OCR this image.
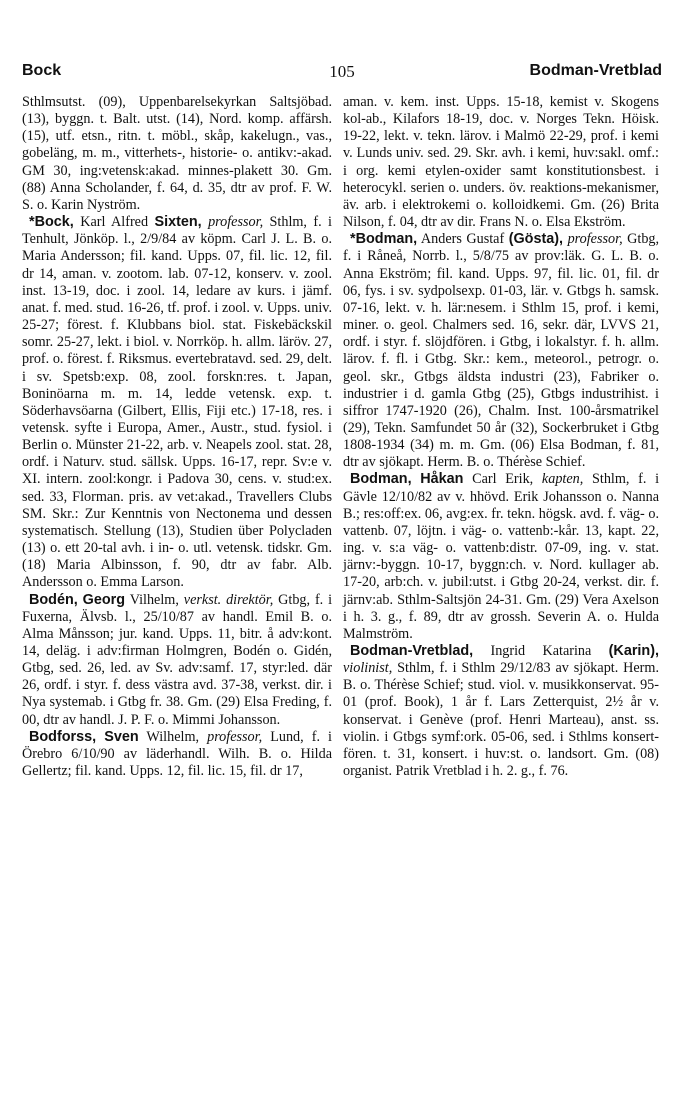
Bock	105	Bodman-Vretblad

Sthlmsutst. (09), Uppenbarelsekyrkan Saltsjöbad. (13), byggn. t. Balt. utst. (14), Nord. komp. affärsh. (15), utf. etsn., ritn. t. möbl., skåp, kakelugn., vas., gobeläng, m. m., vitterhets-, historie- o. antikv:-akad. GM 30, ing:vetensk:akad. minnes-plakett 30. Gm. (88) Anna Scholander, f. 64, d. 35, dtr av prof. F. W. S. o. Karin Nyström.

*Bock, Karl Alfred Sixten, professor, Sthlm, f. i Tenhult, Jönköp. l., 2/9/84 av köpm. Carl J. L. B. o. Maria Andersson; fil. kand. Upps. 07, fil. lic. 12, fil. dr 14, aman. v. zootom. lab. 07-12, konserv. v. zool. inst. 13-19, doc. i zool. 14, ledare av kurs. i jämf. anat. f. med. stud. 16-26, tf. prof. i zool. v. Upps. univ. 25-27; förest. f. Klubbans biol. stat. Fiskebäckskil somr. 25-27, lekt. i biol. v. Norrköp. h. allm. läröv. 27, prof. o. förest. f. Riksmus. evertebratavd. sed. 29, delt. i sv. Spetsb:exp. 08, zool. forskn:res. t. Japan, Boninöarna m. m. 14, ledde vetensk. exp. t. Söderhavsöarna (Gilbert, Ellis, Fiji etc.) 17-18, res. i vetensk. syfte i Europa, Amer., Austr., stud. fysiol. i Berlin o. Münster 21-22, arb. v. Neapels zool. stat. 28, ordf. i Naturv. stud. sällsk. Upps. 16-17, repr. Sv:e v. XI. intern. zool:kongr. i Padova 30, cens. v. stud:ex. sed. 33, Florman. pris. av vet:akad., Travellers Clubs SM. Skr.: Zur Kenntnis von Nectonema und dessen systematisch. Stellung (13), Studien über Polycladen (13) o. ett 20-tal avh. i in- o. utl. vetensk. tidskr. Gm. (18) Maria Albinsson, f. 90, dtr av fabr. Alb. Andersson o. Emma Larson.

Bodén, Georg Vilhelm, verkst. direktör, Gtbg, f. i Fuxerna, Älvsb. l., 25/10/87 av handl. Emil B. o. Alma Månsson; jur. kand. Upps. 11, bitr. å adv:kont. 14, deläg. i adv:firman Holmgren, Bodén o. Gidén, Gtbg, sed. 26, led. av Sv. adv:samf. 17, styr:led. där 26, ordf. i styr. f. dess västra avd. 37-38, verkst. dir. i Nya systemab. i Gtbg fr. 38. Gm. (29) Elsa Freding, f. 00, dtr av handl. J. P. F. o. Mimmi Johansson.

Bodforss, Sven Wilhelm, professor, Lund, f. i Örebro 6/10/90 av läderhandl. Wilh. B. o. Hilda Gellertz; fil. kand. Upps. 12, fil. lic. 15, fil. dr 17,

aman. v. kem. inst. Upps. 15-18, kemist v. Skogens kol-ab., Kilafors 18-19, doc. v. Norges Tekn. Höisk. 19-22, lekt. v. tekn. lärov. i Malmö 22-29, prof. i kemi v. Lunds univ. sed. 29. Skr. avh. i kemi, huv:sakl. omf.: i org. kemi etylen-oxider samt konstitutionsbest. i heterocykl. serien o. unders. öv. reaktions-mekanismer, äv. arb. i elektrokemi o. kolloidkemi. Gm. (26) Brita Nilson, f. 04, dtr av dir. Frans N. o. Elsa Ekström.

*Bodman, Anders Gustaf (Gösta), professor, Gtbg, f. i Råneå, Norrb. l., 5/8/75 av prov:läk. G. L. B. o. Anna Ekström; fil. kand. Upps. 97, fil. lic. 01, fil. dr 06, fys. i sv. sydpolsexp. 01-03, lär. v. Gtbgs h. samsk. 07-16, lekt. v. h. lär:nesem. i Sthlm 15, prof. i kemi, miner. o. geol. Chalmers sed. 16, sekr. där, LVVS 21, ordf. i styr. f. slöjdfören. i Gtbg, i lokalstyr. f. h. allm. lärov. f. fl. i Gtbg. Skr.: kem., meteorol., petrogr. o. geol. skr., Gtbgs äldsta industri (23), Fabriker o. industrier i d. gamla Gtbg (25), Gtbgs industrihist. i siffror 1747-1920 (26), Chalm. Inst. 100-årsmatrikel (29), Tekn. Samfundet 50 år (32), Sockerbruket i Gtbg 1808-1934 (34) m. m. Gm. (06) Elsa Bodman, f. 81, dtr av sjökapt. Herm. B. o. Thérèse Schief.

Bodman, Håkan Carl Erik, kapten, Sthlm, f. i Gävle 12/10/82 av v. hhövd. Erik Johansson o. Nanna B.; res:off:ex. 06, avg:ex. fr. tekn. högsk. avd. f. väg- o. vattenb. 07, löjtn. i väg- o. vattenb:-kår. 13, kapt. 22, ing. v. s:a väg- o. vattenb:distr. 07-09, ing. v. stat. järnv:-byggn. 10-17, byggn:ch. v. Nord. kullager ab. 17-20, arb:ch. v. jubil:utst. i Gtbg 20-24, verkst. dir. f. järnv:ab. Sthlm-Saltsjön 24-31. Gm. (29) Vera Axelson i h. 3. g., f. 89, dtr av grossh. Severin A. o. Hulda Malmström.

Bodman-Vretblad, Ingrid Katarina (Karin), violinist, Sthlm, f. i Sthlm 29/12/83 av sjökapt. Herm. B. o. Thérèse Schief; stud. viol. v. musikkonservat. 95-01 (prof. Book), 1 år f. Lars Zetterquist, 2½ år v. konservat. i Genève (prof. Henri Marteau), anst. ss. violin. i Gtbgs symf:ork. 05-06, sed. i Sthlms konsert-fören. t. 31, konsert. i huv:st. o. landsort. Gm. (08) organist. Patrik Vretblad i h. 2. g., f. 76.
